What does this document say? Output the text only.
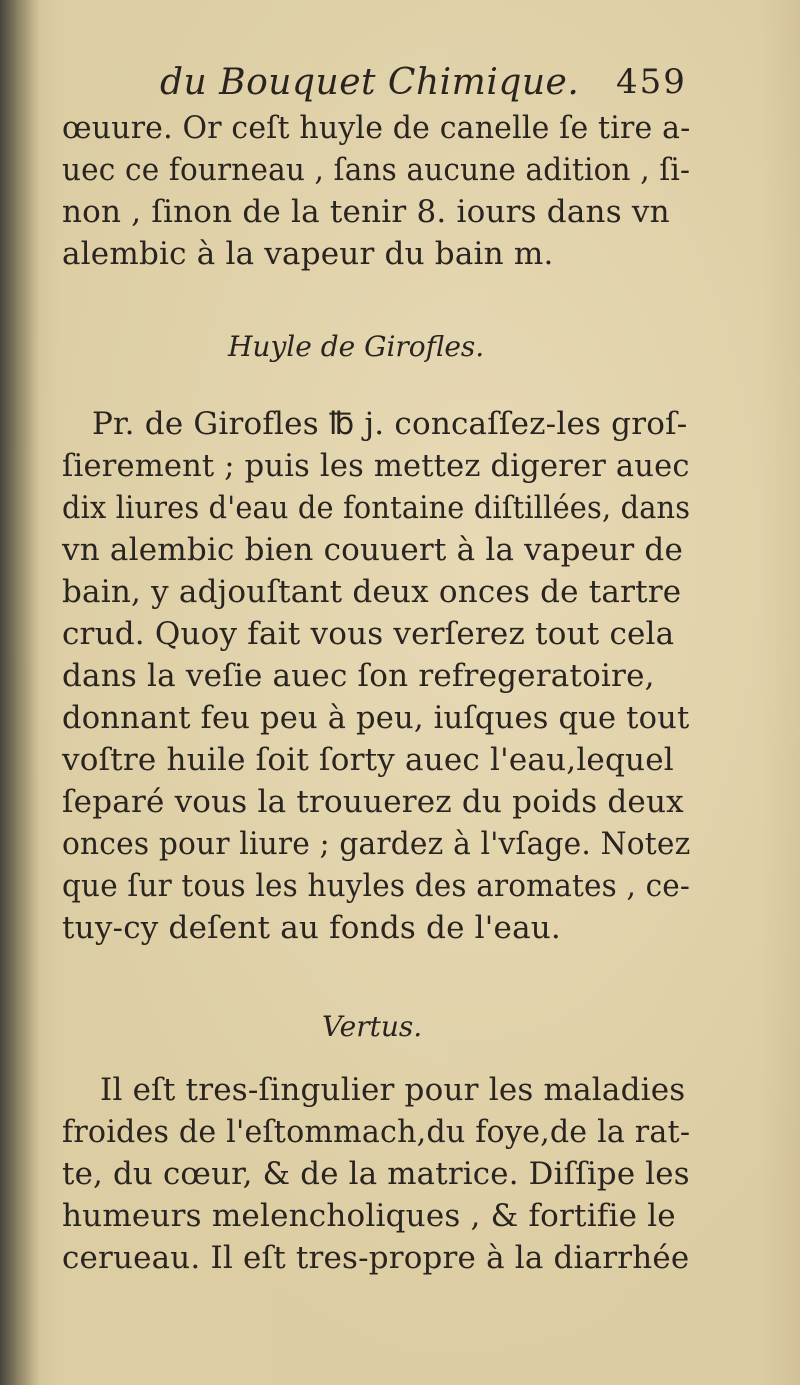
du Bouquet Chimique. 459
œuure. Or ceſt huyle de canelle ſe tire a-
uec ce fourneau , ſans aucune adition , ſi-
non , ſinon de la tenir 8. iours dans vn
alembic à la vapeur du bain m.
Huyle de Girofles.
Pr. de Girofles ℔ j. concaſſez-les groſ-
ſierement ; puis les mettez digerer auec
dix liures d'eau de fontaine diſtillées, dans
vn alembic bien couuert à la vapeur de
bain, y adjouſtant deux onces de tartre
crud. Quoy fait vous verſerez tout cela
dans la veſie auec ſon refregeratoire,
donnant feu peu à peu, iuſques que tout
voſtre huile ſoit ſorty auec l'eau,lequel
ſeparé vous la trouuerez du poids deux
onces pour liure ; gardez à l'vſage. Notez
que ſur tous les huyles des aromates , ce-
tuy-cy deſent au fonds de l'eau.
Vertus.
Il eſt tres-ſingulier pour les maladies
froides de l'eſtommach,du foye,de la rat-
te, du cœur, & de la matrice. Diſſipe les
humeurs melencholiques , & fortifie le
cerueau. Il eſt tres-propre à la diarrhée
